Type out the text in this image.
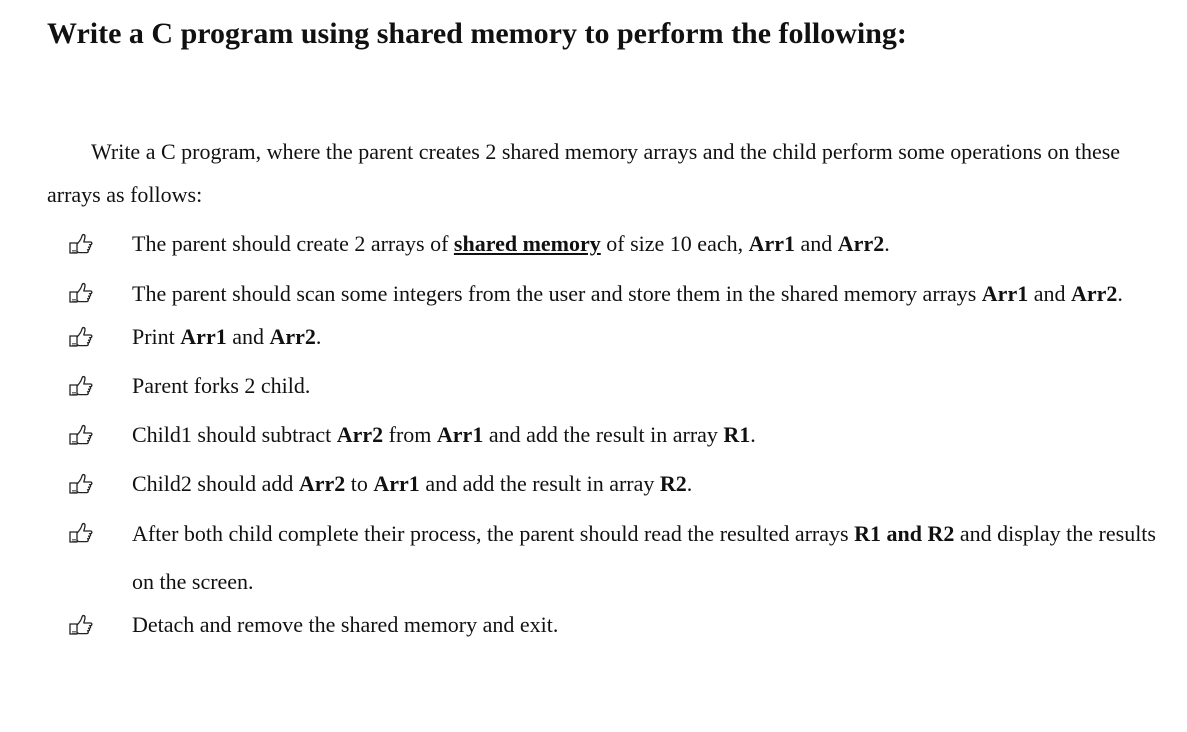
Write a C program using shared memory to perform the following:

Write a C program, where the parent creates 2 shared memory arrays and the child perform some operations on these arrays as follows:

The parent should create 2 arrays of shared memory of size 10 each, Arr1 and Arr2.
The parent should scan some integers from the user and store them in the shared memory arrays Arr1 and Arr2.
Print Arr1 and Arr2.
Parent forks 2 child.
Child1 should subtract Arr2 from Arr1 and add the result in array R1.
Child2 should add Arr2 to Arr1 and add the result in array R2.
After both child complete their process, the parent should read the resulted arrays R1 and R2 and display the results on the screen.
Detach and remove the shared memory and exit.
